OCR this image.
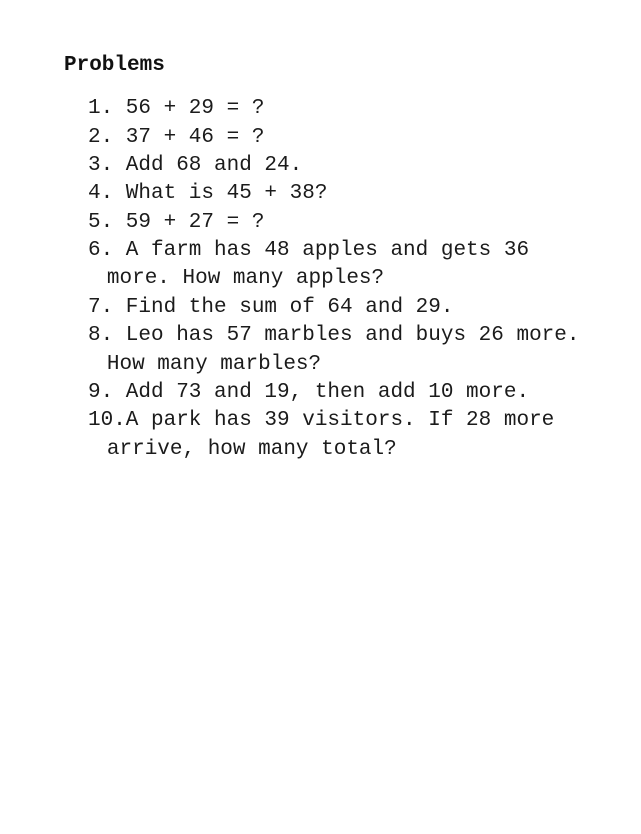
Problems
1. 56 + 29 = ?
2. 37 + 46 = ?
3. Add 68 and 24.
4. What is 45 + 38?
5. 59 + 27 = ?
6. A farm has 48 apples and gets 36
more. How many apples?
7. Find the sum of 64 and 29.
8. Leo has 57 marbles and buys 26 more.
How many marbles?
9. Add 73 and 19, then add 10 more.
10.A park has 39 visitors. If 28 more
arrive, how many total?
